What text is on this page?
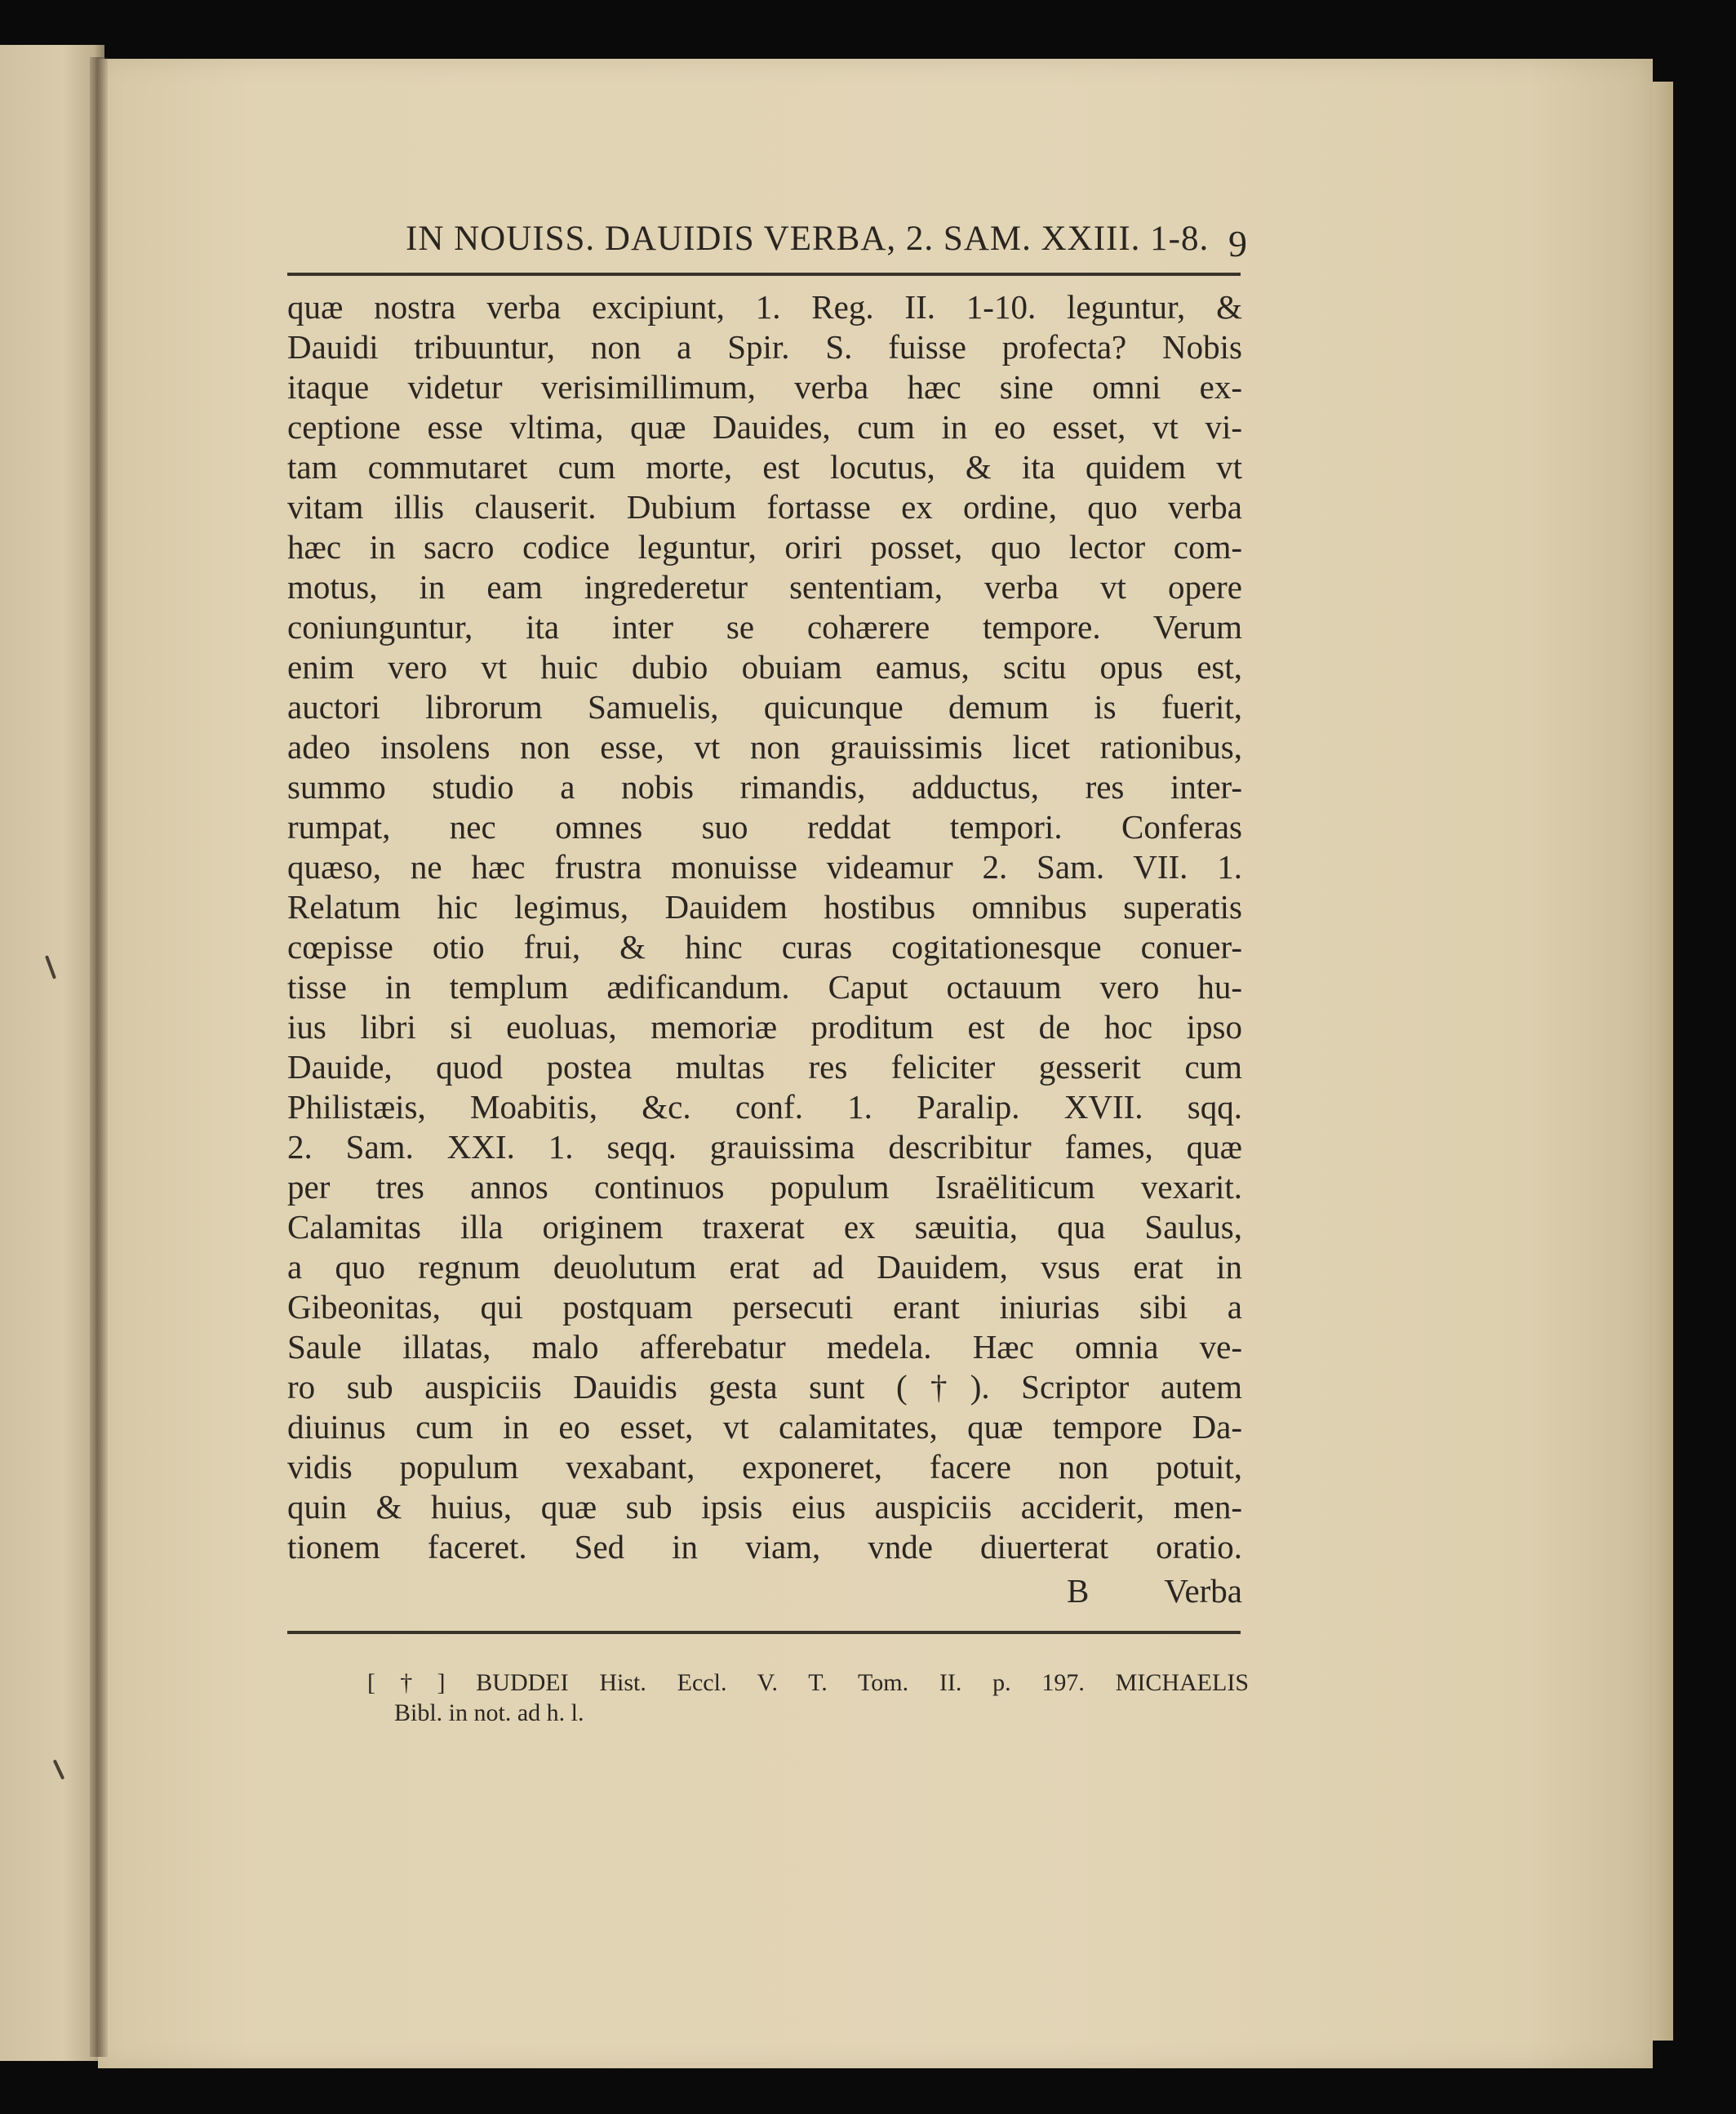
IN NOUISS. DAUIDIS VERBA, 2. SAM. XXIII. 1-8. 9
quæ nostra verba excipiunt, 1. Reg. II. 1-10. leguntur, &
Dauidi tribuuntur, non a Spir. S. fuisse profecta? Nobis
itaque videtur verisimillimum, verba hæc sine omni ex-
ceptione esse vltima, quæ Dauides, cum in eo esset, vt vi-
tam commutaret cum morte, est locutus, & ita quidem vt
vitam illis clauserit. Dubium fortasse ex ordine, quo verba
hæc in sacro codice leguntur, oriri posset, quo lector com-
motus, in eam ingrederetur sententiam, verba vt opere
coniunguntur, ita inter se cohærere tempore. Verum
enim vero vt huic dubio obuiam eamus, scitu opus est,
auctori librorum Samuelis, quicunque demum is fuerit,
adeo insolens non esse, vt non grauissimis licet rationibus,
summo studio a nobis rimandis, adductus, res inter-
rumpat, nec omnes suo reddat tempori. Conferas
quæso, ne hæc frustra monuisse videamur 2. Sam. VII. 1.
Relatum hic legimus, Dauidem hostibus omnibus superatis
cœpisse otio frui, & hinc curas cogitationesque conuer-
tisse in templum ædificandum. Caput octauum vero hu-
ius libri si euoluas, memoriæ proditum est de hoc ipso
Dauide, quod postea multas res feliciter gesserit cum
Philistæis, Moabitis, &c. conf. 1. Paralip. XVII. sqq.
2. Sam. XXI. 1. seqq. grauissima describitur fames, quæ
per tres annos continuos populum Israëliticum vexarit.
Calamitas illa originem traxerat ex sæuitia, qua Saulus,
a quo regnum deuolutum erat ad Dauidem, vsus erat in
Gibeonitas, qui postquam persecuti erant iniurias sibi a
Saule illatas, malo afferebatur medela. Hæc omnia ve-
ro sub auspiciis Dauidis gesta sunt (†). Scriptor autem
diuinus cum in eo esset, vt calamitates, quæ tempore Da-
vidis populum vexabant, exponeret, facere non potuit,
quin & huius, quæ sub ipsis eius auspiciis acciderit, men-
tionem faceret. Sed in viam, vnde diuerterat oratio.
B Verba
[†] BUDDEI Hist. Eccl. V. T. Tom. II. p. 197. MICHAELIS
Bibl. in not. ad h. l.
